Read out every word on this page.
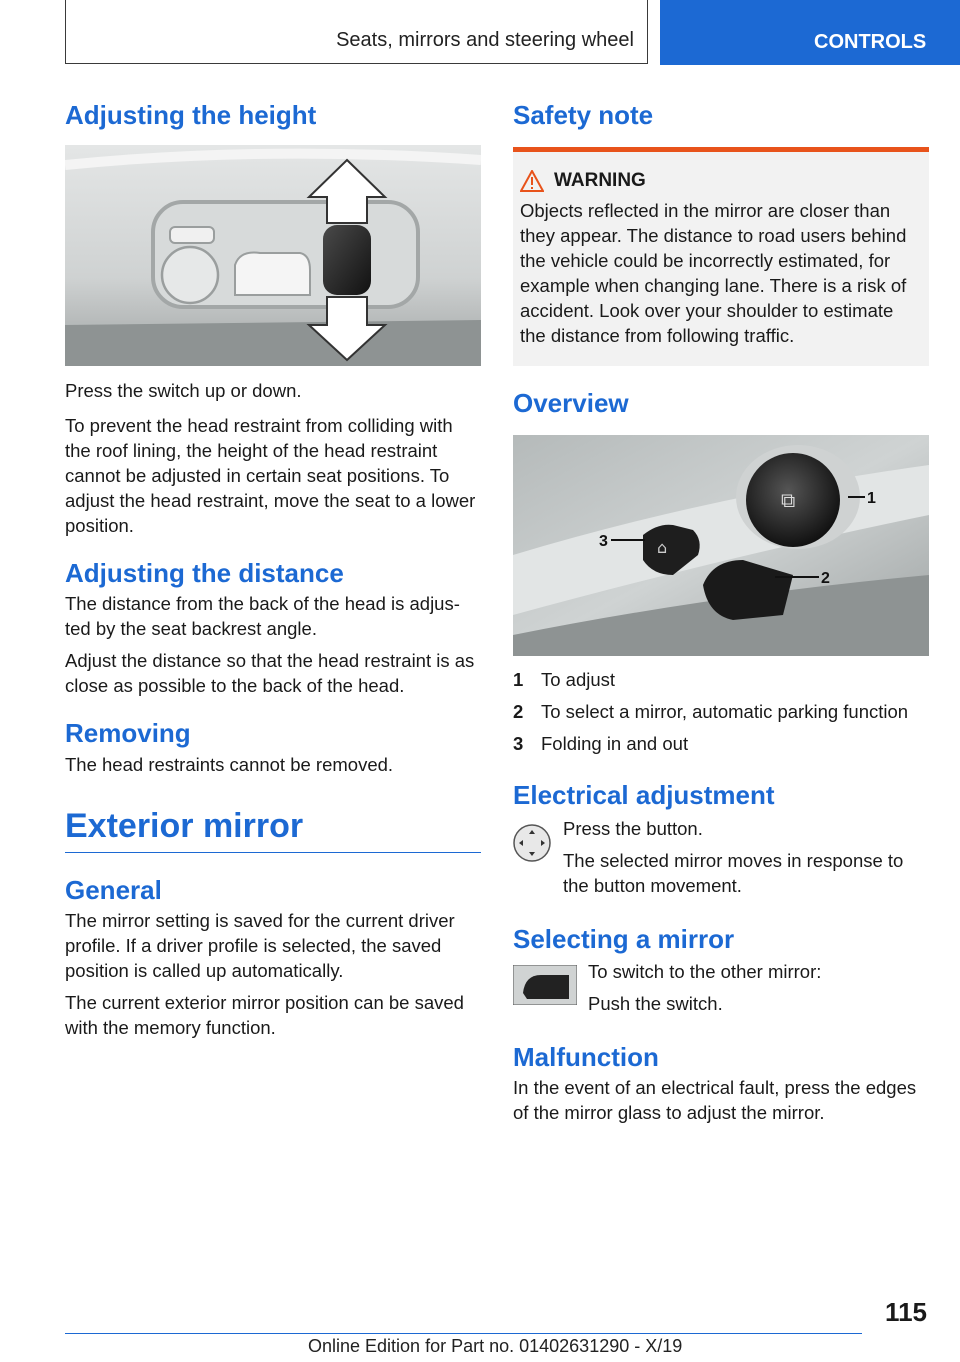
Seats, mirrors and steering wheel	CONTROLS
Adjusting the height

Press the switch up or down.

To prevent the head restraint from colliding with the roof lining, the height of the head restraint cannot be adjusted in certain seat positions. To adjust the head restraint, move the seat to a lower position.

Adjusting the distance

The distance from the back of the head is adjus-ted by the seat backrest angle.

Adjust the distance so that the head restraint is as close as possible to the back of the head.

Removing

The head restraints cannot be removed.

Exterior mirror
General

The mirror setting is saved for the current driver profile. If a driver profile is selected, the saved position is called up automatically.

The current exterior mirror position can be saved with the memory function.

Safety note
WARNING

Objects reflected in the mirror are closer than they appear. The distance to road users behind the vehicle could be incorrectly estimated, for example when changing lane. There is a risk of accident. Look over your shoulder to estimate the distance from following traffic.

Overview
⧉
⌂
1
2
3
1 To adjust
2 To select a mirror, automatic parking function
3 Folding in and out
Electrical adjustment

Press the button.

The selected mirror moves in response to the button movement.

Selecting a mirror

To switch to the other mirror:

Push the switch.

Malfunction

In the event of an electrical fault, press the edges of the mirror glass to adjust the mirror.

115
Online Edition for Part no. 01402631290 - X/19
